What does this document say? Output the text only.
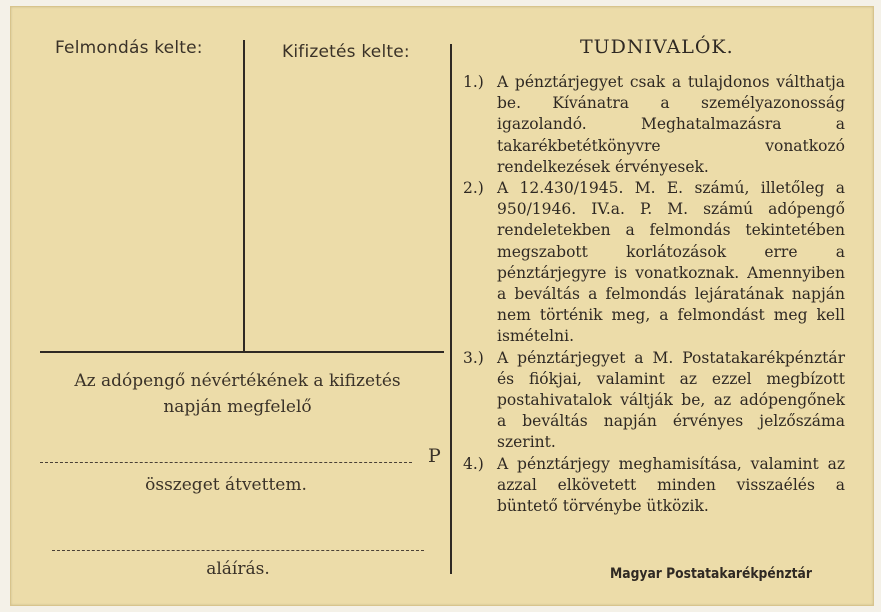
Felmondás kelte:	Kifizetés kelte:
Az adópengő névértékének a kifizetés
napján megfelelő
P
összeget átvettem.
aláírás.
TUDNIVALÓK.
1.) A pénztárjegyet csak a tulajdonos válthatja be. Kívánatra a személyazonosság igazolandó. Meghatalmazásra a takarékbetétkönyvre vonatkozó rendelkezések érvényesek.
2.) A 12.430/1945. M. E. számú, illetőleg a 950/1946. IV.a. P. M. számú adópengő rendeletekben a felmondás tekintetében megszabott korlátozások erre a pénztárjegyre is vonatkoznak. Amennyiben a beváltás a felmondás lejáratának napján nem történik meg, a felmondást meg kell ismételni.
3.) A pénztárjegyet a M. Postatakarékpénztár és fiókjai, valamint az ezzel megbízott postahivatalok váltják be, az adópengőnek a beváltás napján érvényes jelzőszáma szerint.
4.) A pénztárjegy meghamisítása, valamint az azzal elkövetett minden visszaélés a büntető törvénybe ütközik.
Magyar Postatakarékpénztár
